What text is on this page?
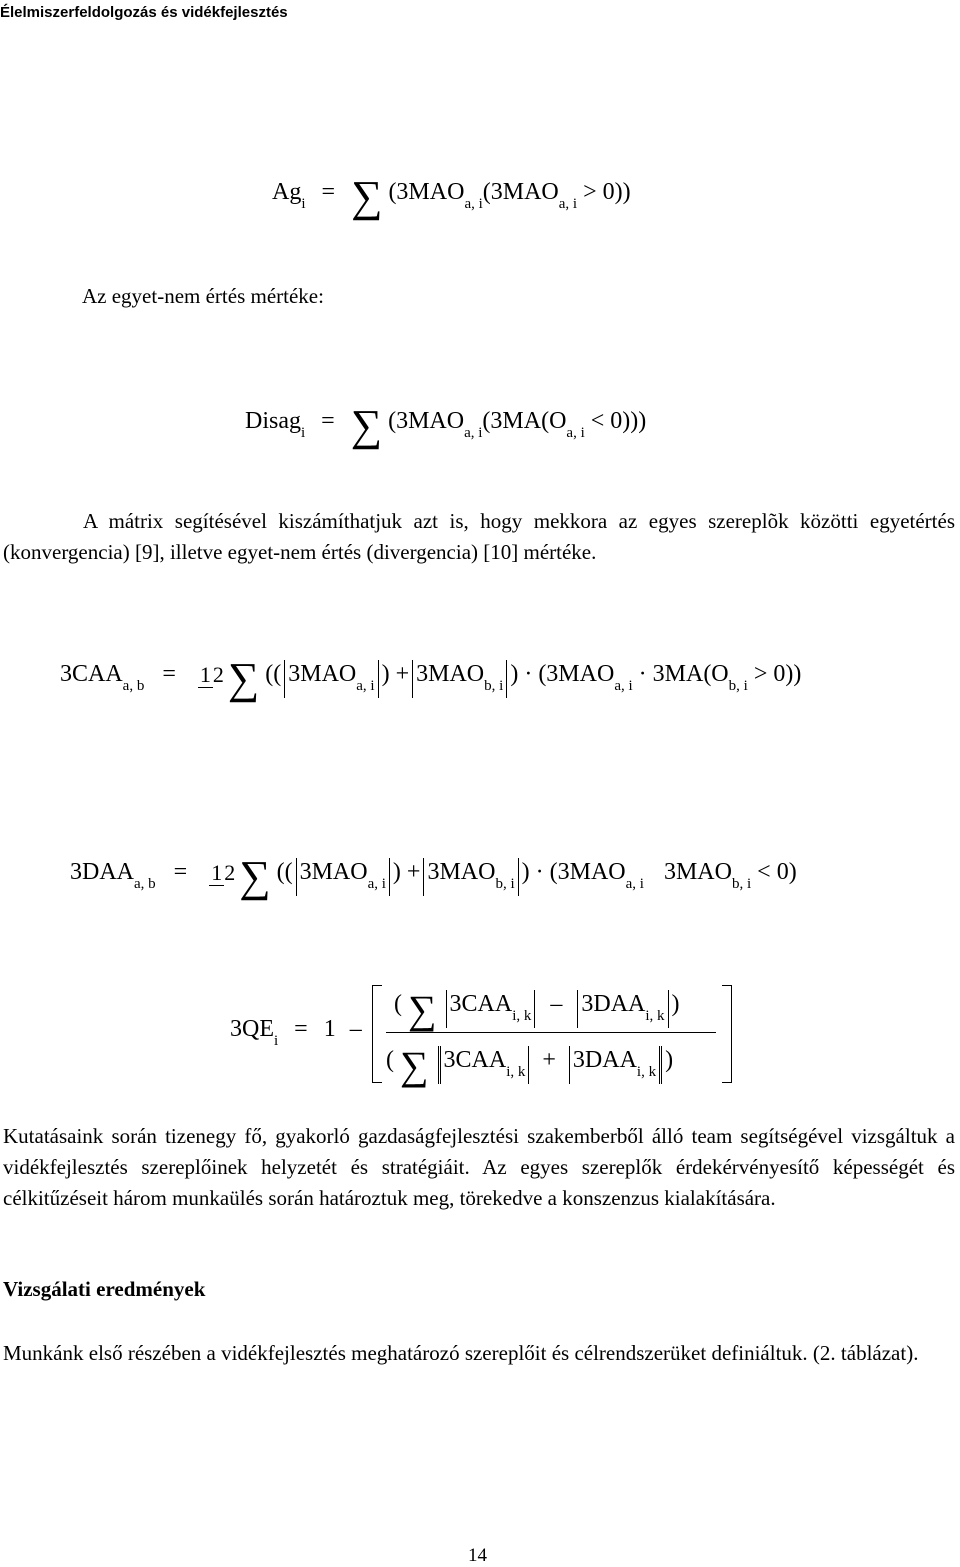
Élelmiszerfeldolgozás és vidékfejlesztés
Agi = ∑ (3MAOa, i(3MAOa, i > 0))
Az egyet-nem értés mértéke:
Disagi = ∑ (3MAOa, i(3MA(Oa, i < 0)))

A mátrix segítésével kiszámíthatjuk azt is, hogy mekkora az egyes szereplõk közötti egyetértés (konvergencia) [9], illetve egyet-nem értés (divergencia) [10] mértéke.

3CAAa, b = 12∑ (( 3MAOa, i ) + 3MAOb, i ) · (3MAOa, i · 3MA(Ob, i > 0))
3DAAa, b = 12∑ (( 3MAOa, i ) + 3MAOb, i ) · (3MAOa, i 3MAOb, i < 0)
3QEi = 1 –
( ∑ 3CAAi, k – 3DAAi, k )
( ∑ 3CAAi, k + 3DAAi, k )

Kutatásaink során tizenegy fő, gyakorló gazdaságfejlesztési szakemberből álló team segítségével vizsgáltuk a vidékfejlesztés szereplőinek helyzetét és stratégiáit. Az egyes szereplők érdekérvényesítő képességét és célkitűzéseit három munkaülés során határoztuk meg, törekedve a konszenzus kialakítására.

Vizsgálati eredmények

Munkánk első részében a vidékfejlesztés meghatározó szereplőit és célrendszerüket definiáltuk. (2. táblázat).

14
